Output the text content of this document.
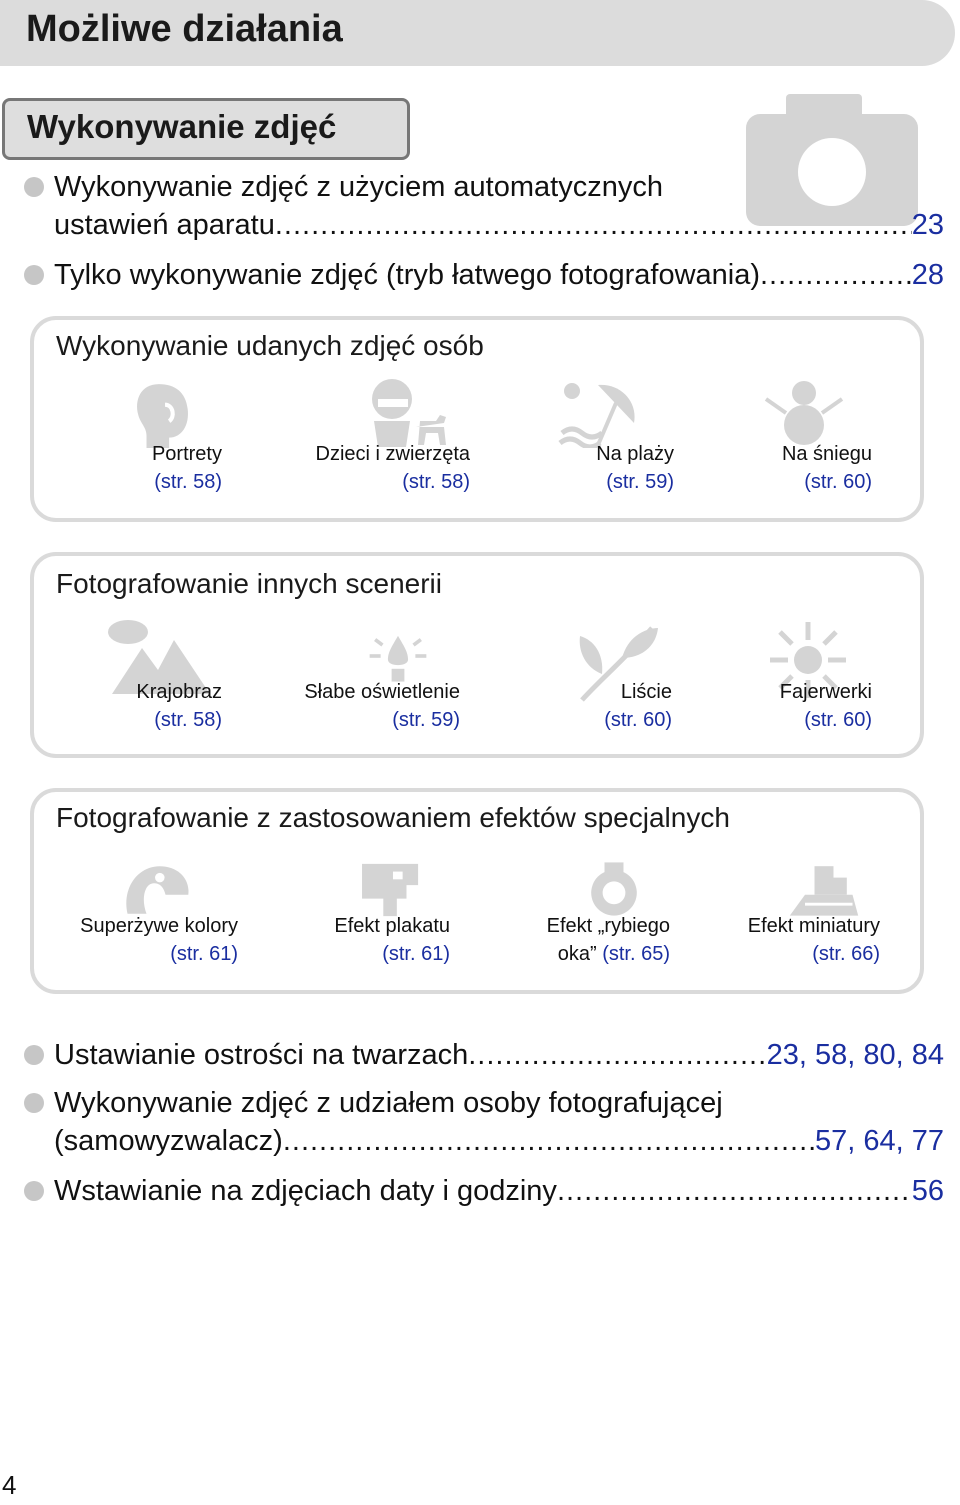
Możliwe działania
Wykonywanie zdjęć
Wykonywanie zdjęć z użyciem automatycznych
ustawień aparatu .....	23
Tylko wykonywanie zdjęć (tryb łatwego fotografowania) .....	28
Wykonywanie udanych zdjęć osób
Portrety
(str. 58)
Dzieci i zwierzęta
(str. 58)
Na plaży
(str. 59)
Na śniegu
(str. 60)
Fotografowanie innych scenerii
Krajobraz
(str. 58)
Słabe oświetlenie
(str. 59)
Liście
(str. 60)
Fajerwerki
(str. 60)
Fotografowanie z zastosowaniem efektów specjalnych
Superżywe kolory
(str. 61)
Efekt plakatu
(str. 61)
Efekt „rybiego
oka” (str. 65)
Efekt miniatury
(str. 66)
Ustawianie ostrości na twarzach .....	23, 58, 80, 84
Wykonywanie zdjęć z udziałem osoby fotografującej
(samowyzwalacz) .....	57, 64, 77
Wstawianie na zdjęciach daty i godziny .....	56
4
